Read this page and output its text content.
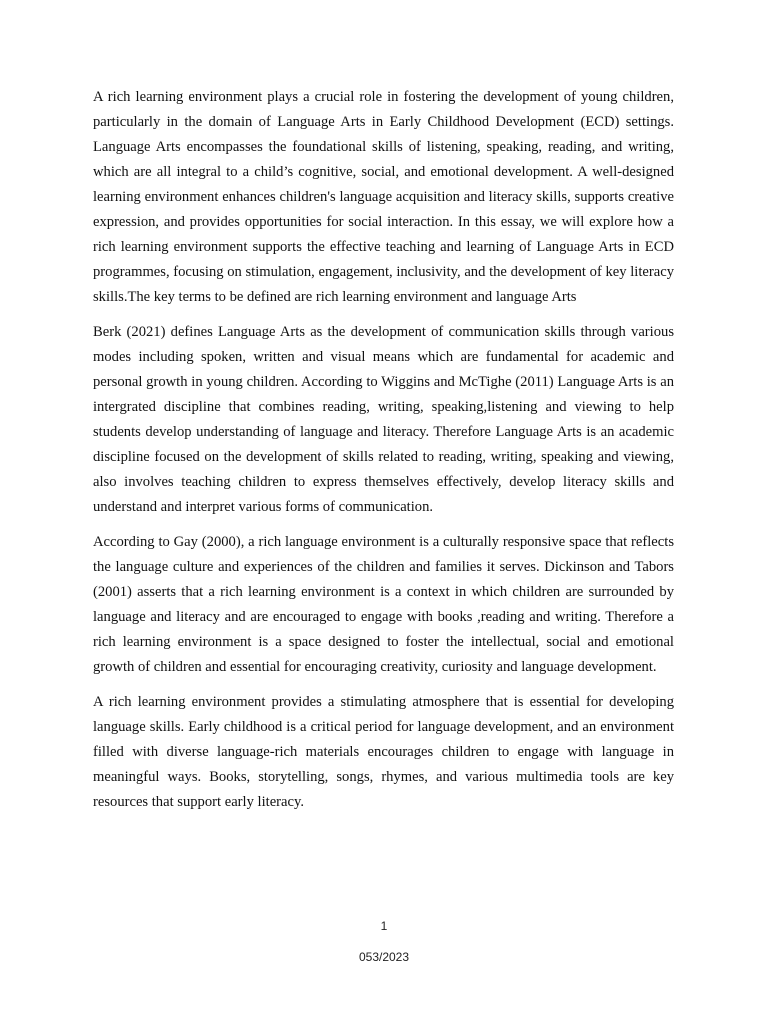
A rich learning environment plays a crucial role in fostering the development of young children, particularly in the domain of Language Arts in Early Childhood Development (ECD) settings. Language Arts encompasses the foundational skills of listening, speaking, reading, and writing, which are all integral to a child’s cognitive, social, and emotional development. A well-designed learning environment enhances children's language acquisition and literacy skills, supports creative expression, and provides opportunities for social interaction. In this essay, we will explore how a rich learning environment supports the effective teaching and learning of Language Arts in ECD programmes, focusing on stimulation, engagement, inclusivity, and the development of key literacy skills.The key terms to be defined are rich learning environment and language Arts

Berk (2021) defines Language Arts as the development of communication skills through various modes including spoken, written and visual means which are fundamental for academic and personal growth in young children. According to Wiggins and McTighe (2011) Language Arts is an intergrated discipline that combines reading, writing, speaking,listening and viewing to help students develop understanding of language and literacy. Therefore Language Arts is an academic discipline focused on the development of skills related to reading, writing, speaking and viewing, also involves teaching children to express themselves effectively, develop literacy skills and understand and interpret various forms of communication.

According to Gay (2000), a rich language environment is a culturally responsive space that reflects the language culture and experiences of the children and families it serves. Dickinson and Tabors (2001) asserts that a rich learning environment is a context in which children are surrounded by language and literacy and are encouraged to engage with books ,reading and writing. Therefore a rich learning environment is a space designed to foster the intellectual, social and emotional growth of children and essential for encouraging creativity, curiosity and language development.

A rich learning environment provides a stimulating atmosphere that is essential for developing language skills. Early childhood is a critical period for language development, and an environment filled with diverse language-rich materials encourages children to engage with language in meaningful ways. Books, storytelling, songs, rhymes, and various multimedia tools are key resources that support early literacy.

1
053/2023
